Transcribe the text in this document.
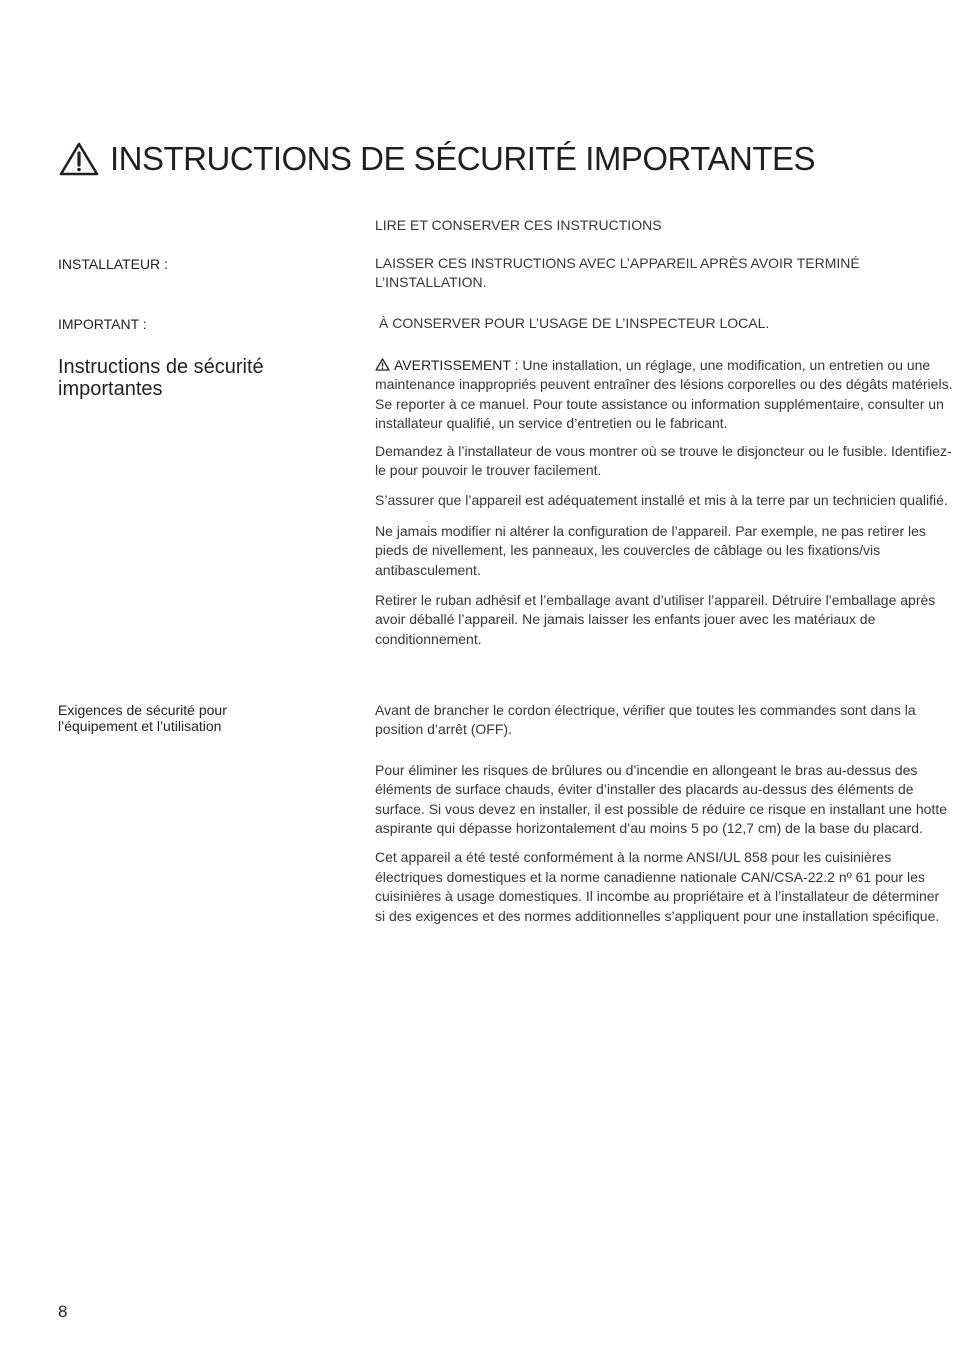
INSTRUCTIONS DE SÉCURITÉ IMPORTANTES
LIRE ET CONSERVER CES INSTRUCTIONS
INSTALLATEUR :	LAISSER CES INSTRUCTIONS AVEC L’APPAREIL APRÈS AVOIR TERMINÉ L’INSTALLATION.
IMPORTANT :	À CONSERVER POUR L’USAGE DE L’INSPECTEUR LOCAL.
Instructions de sécurité importantes

AVERTISSEMENT : Une installation, un réglage, une modification, un entretien ou une maintenance inappropriés peuvent entraîner des lésions corporelles ou des dégâts matériels. Se reporter à ce manuel. Pour toute assistance ou information supplémentaire, consulter un installateur qualifié, un service d’entretien ou le fabricant.

Demandez à l’installateur de vous montrer où se trouve le disjoncteur ou le fusible. Identifiez-le pour pouvoir le trouver facilement.

S’assurer que l’appareil est adéquatement installé et mis à la terre par un technicien qualifié.

Ne jamais modifier ni altérer la configuration de l’appareil. Par exemple, ne pas retirer les pieds de nivellement, les panneaux, les couvercles de câblage ou les fixations/vis antibasculement.

Retirer le ruban adhésif et l’emballage avant d’utiliser l’appareil. Détruire l’emballage après avoir déballé l’appareil. Ne jamais laisser les enfants jouer avec les matériaux de conditionnement.

Exigences de sécurité pour l’équipement et l’utilisation

Avant de brancher le cordon électrique, vérifier que toutes les commandes sont dans la position d’arrêt (OFF).

Pour éliminer les risques de brûlures ou d’incendie en allongeant le bras au-dessus des éléments de surface chauds, éviter d’installer des placards au-dessus des éléments de surface. Si vous devez en installer, il est possible de réduire ce risque en installant une hotte aspirante qui dépasse horizontalement d’au moins 5 po (12,7 cm) de la base du placard.

Cet appareil a été testé conformément à la norme ANSI/UL 858 pour les cuisinières électriques domestiques et la norme canadienne nationale CAN/CSA-22.2 nº 61 pour les cuisinières à usage domestiques. Il incombe au propriétaire et à l’installateur de déterminer si des exigences et des normes additionnelles s’appliquent pour une installation spécifique.

8
